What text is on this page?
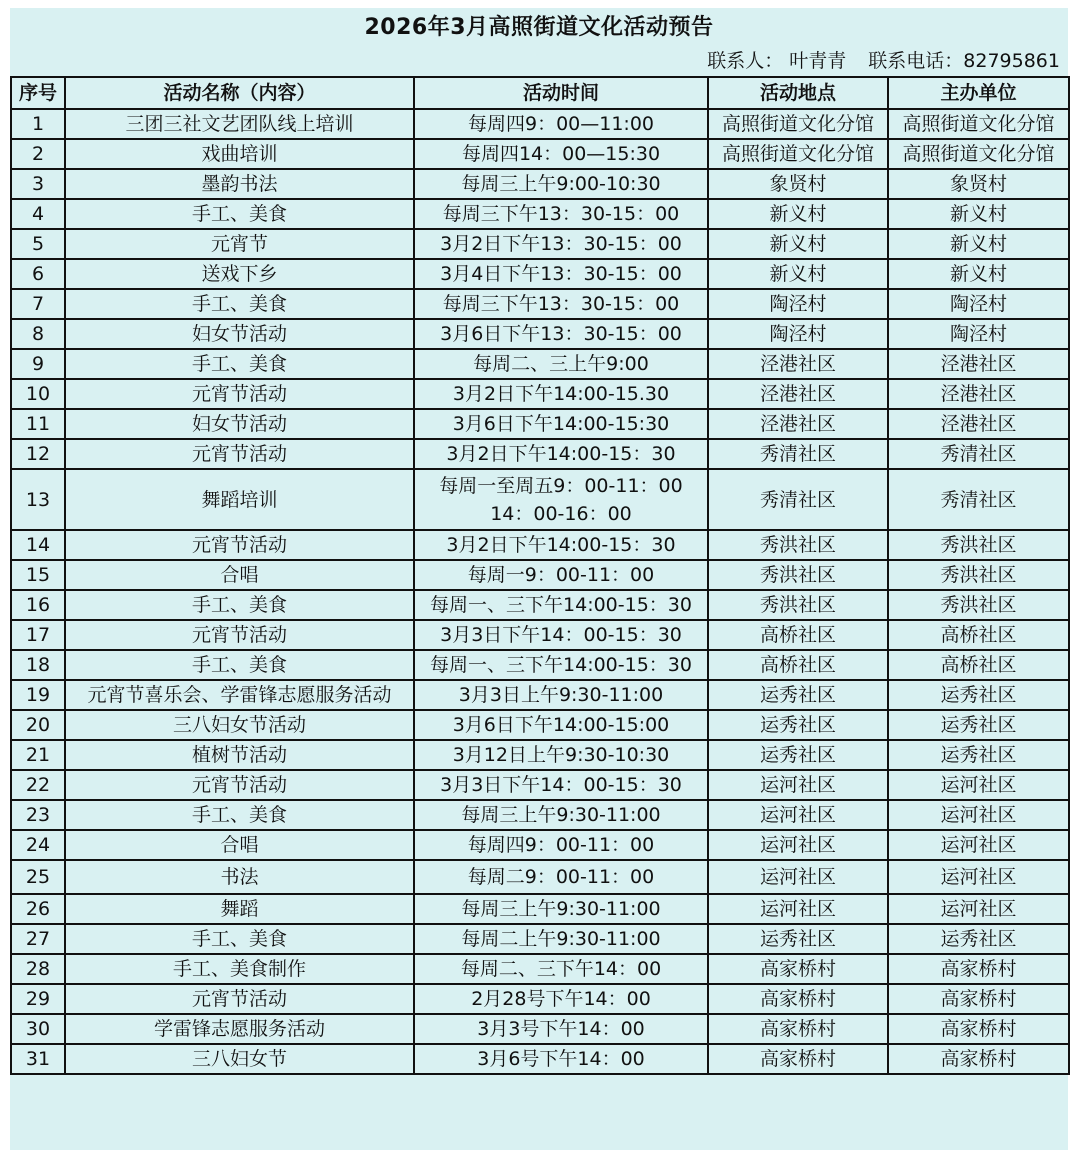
2026年3月高照街道文化活动预告
联系人： 叶青青 联系电话：82795861
序号	活动名称（内容）	活动时间	活动地点	主办单位
1	三团三社文艺团队线上培训	每周四9：00—11:00	高照街道文化分馆	高照街道文化分馆
2	戏曲培训	每周四14：00—15:30	高照街道文化分馆	高照街道文化分馆
3	墨韵书法	每周三上午9:00-10:30	象贤村	象贤村
4	手工、美食	每周三下午13：30-15：00	新义村	新义村
5	元宵节	3月2日下午13：30-15：00	新义村	新义村
6	送戏下乡	3月4日下午13：30-15：00	新义村	新义村
7	手工、美食	每周三下午13：30-15：00	陶泾村	陶泾村
8	妇女节活动	3月6日下午13：30-15：00	陶泾村	陶泾村
9	手工、美食	每周二、三上午9:00	泾港社区	泾港社区
10	元宵节活动	3月2日下午14:00-15.30	泾港社区	泾港社区
11	妇女节活动	3月6日下午14:00-15:30	泾港社区	泾港社区
12	元宵节活动	3月2日下午14:00-15：30	秀清社区	秀清社区
13	舞蹈培训	每周一至周五9：00-11：00
14：00-16：00	秀清社区	秀清社区
14	元宵节活动	3月2日下午14:00-15：30	秀洪社区	秀洪社区
15	合唱	每周一9：00-11：00	秀洪社区	秀洪社区
16	手工、美食	每周一、三下午14:00-15：30	秀洪社区	秀洪社区
17	元宵节活动	3月3日下午14：00-15：30	高桥社区	高桥社区
18	手工、美食	每周一、三下午14:00-15：30	高桥社区	高桥社区
19	元宵节喜乐会、学雷锋志愿服务活动	3月3日上午9:30-11:00	运秀社区	运秀社区
20	三八妇女节活动	3月6日下午14:00-15:00	运秀社区	运秀社区
21	植树节活动	3月12日上午9:30-10:30	运秀社区	运秀社区
22	元宵节活动	3月3日下午14：00-15：30	运河社区	运河社区
23	手工、美食	每周三上午9:30-11:00	运河社区	运河社区
24	合唱	每周四9：00-11：00	运河社区	运河社区
25	书法	每周二9：00-11：00	运河社区	运河社区
26	舞蹈	每周三上午9:30-11:00	运河社区	运河社区
27	手工、美食	每周二上午9:30-11:00	运秀社区	运秀社区
28	手工、美食制作	每周二、三下午14：00	高家桥村	高家桥村
29	元宵节活动	2月28号下午14：00	高家桥村	高家桥村
30	学雷锋志愿服务活动	3月3号下午14：00	高家桥村	高家桥村
31	三八妇女节	3月6号下午14：00	高家桥村	高家桥村
